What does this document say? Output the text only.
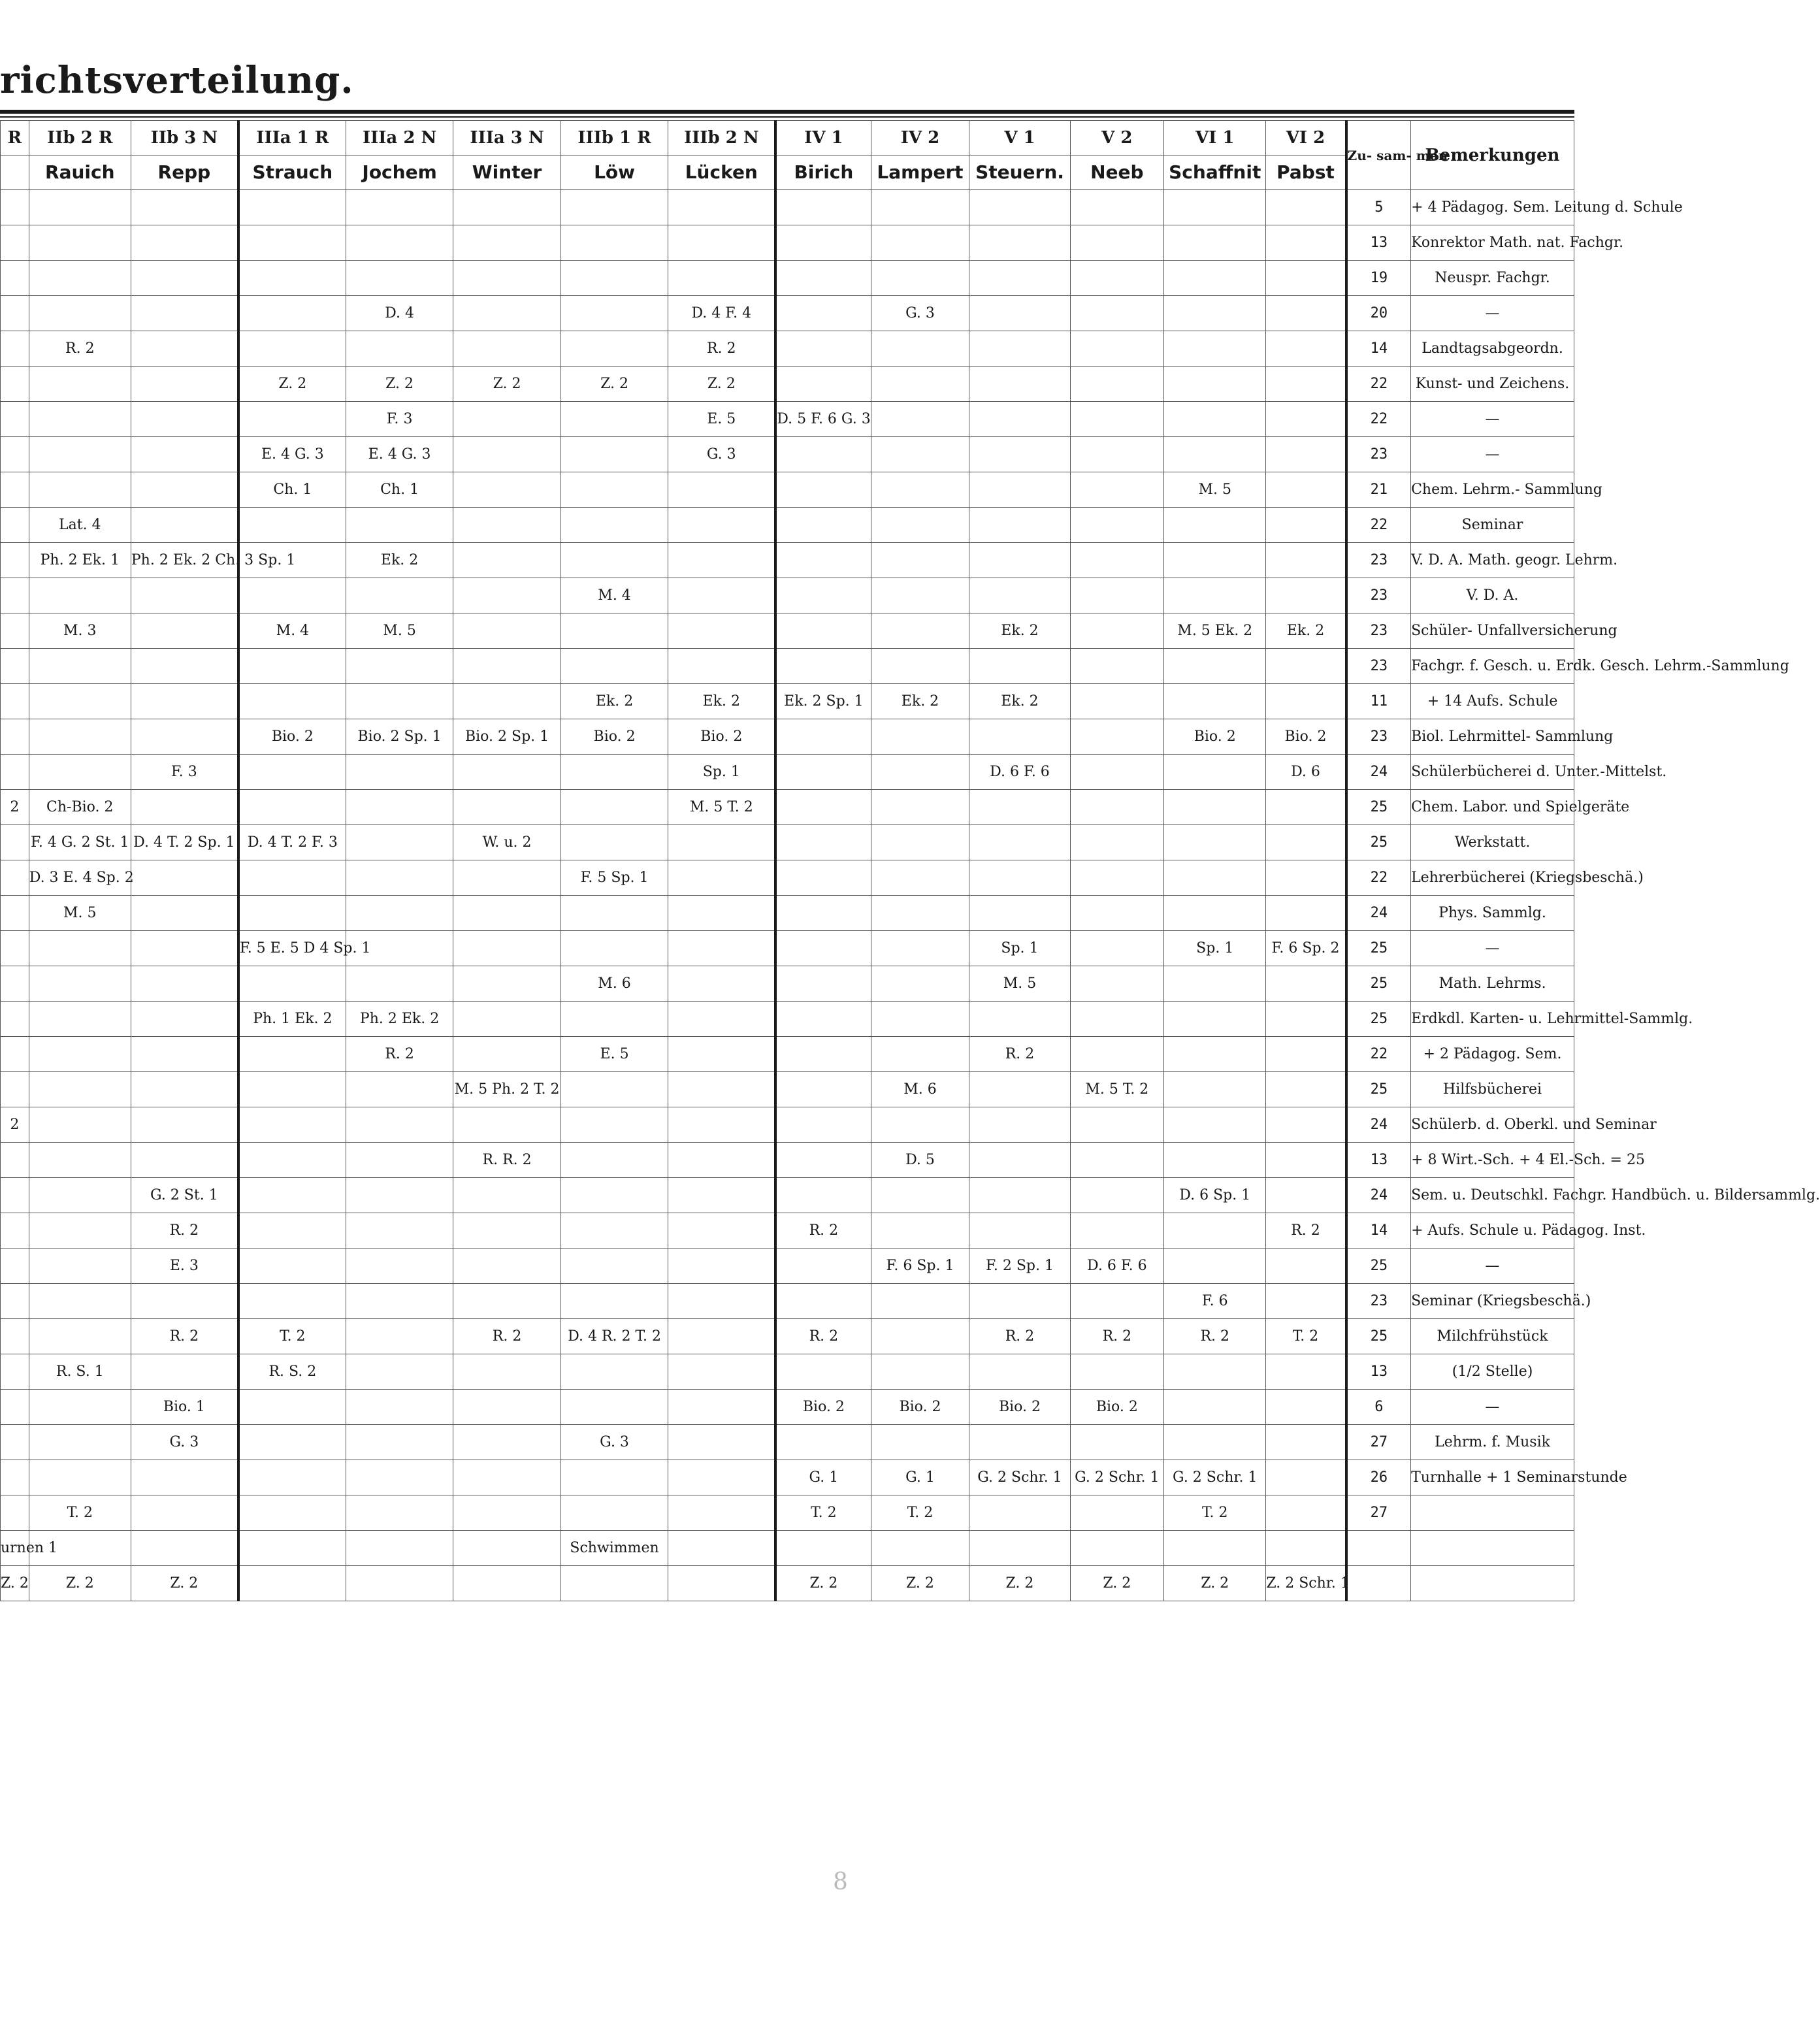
richtsverteilung.
R	IIb 2 R	IIb 3 N	IIIa 1 R	IIIa 2 N	IIIa 3 N	IIIb 1 R	IIIb 2 N	IV 1	IV 2	V 1	V 2	VI 1	VI 2	Zu- sam- men	Bemerkungen
	Rauich	Repp	Strauch	Jochem	Winter	Löw	Lücken	Birich	Lampert	Steuern.	Neeb	Schaffnit	Pabst		
														5	+ 4 Pädagog. Sem. Leitung d. Schule
														13	Konrektor Math. nat. Fachgr.
														19	Neuspr. Fachgr.
				D. 4			D. 4 F. 4		G. 3					20	—
	R. 2						R. 2							14	Landtagsabgeordn.
			Z. 2	Z. 2	Z. 2	Z. 2	Z. 2							22	Kunst- und Zeichens.
				F. 3			E. 5	D. 5 F. 6 G. 3						22	—
			E. 4 G. 3	E. 4 G. 3			G. 3							23	—
			Ch. 1	Ch. 1								M. 5		21	Chem. Lehrm.- Sammlung
	Lat. 4													22	Seminar
	Ph. 2 Ek. 1	Ph. 2 Ek. 2 Ch. 3 Sp. 1		Ek. 2										23	V. D. A. Math. geogr. Lehrm.
						M. 4								23	V. D. A.
	M. 3		M. 4	M. 5						Ek. 2		M. 5 Ek. 2	Ek. 2	23	Schüler- Unfallversicherung
														23	Fachgr. f. Gesch. u. Erdk. Gesch. Lehrm.-Sammlung
						Ek. 2	Ek. 2	Ek. 2 Sp. 1	Ek. 2	Ek. 2				11	+ 14 Aufs. Schule
			Bio. 2	Bio. 2 Sp. 1	Bio. 2 Sp. 1	Bio. 2	Bio. 2					Bio. 2	Bio. 2	23	Biol. Lehrmittel- Sammlung
		F. 3					Sp. 1			D. 6 F. 6			D. 6	24	Schülerbücherei d. Unter.-Mittelst.
2	Ch-Bio. 2						M. 5 T. 2							25	Chem. Labor. und Spielgeräte
	F. 4 G. 2 St. 1	D. 4 T. 2 Sp. 1	D. 4 T. 2 F. 3		W. u. 2									25	Werkstatt.
	D. 3 E. 4 Sp. 2					F. 5 Sp. 1								22	Lehrerbücherei (Kriegsbeschä.)
	M. 5													24	Phys. Sammlg.
			F. 5 E. 5 D 4 Sp. 1							Sp. 1		Sp. 1	F. 6 Sp. 2	25	—
						M. 6				M. 5				25	Math. Lehrms.
			Ph. 1 Ek. 2	Ph. 2 Ek. 2										25	Erdkdl. Karten- u. Lehrmittel-Sammlg.
				R. 2		E. 5				R. 2				22	+ 2 Pädagog. Sem.
					M. 5 Ph. 2 T. 2				M. 6		M. 5 T. 2			25	Hilfsbücherei
2														24	Schülerb. d. Oberkl. und Seminar
					R. R. 2				D. 5					13	+ 8 Wirt.-Sch. + 4 El.-Sch. = 25
		G. 2 St. 1										D. 6 Sp. 1		24	Sem. u. Deutschkl. Fachgr. Handbüch. u. Bildersammlg.
		R. 2						R. 2					R. 2	14	+ Aufs. Schule u. Pädagog. Inst.
		E. 3							F. 6 Sp. 1	F. 2 Sp. 1	D. 6 F. 6			25	—
												F. 6		23	Seminar (Kriegsbeschä.)
		R. 2	T. 2		R. 2	D. 4 R. 2 T. 2		R. 2		R. 2	R. 2	R. 2	T. 2	25	Milchfrühstück
	R. S. 1		R. S. 2											13	(1/2 Stelle)
		Bio. 1						Bio. 2	Bio. 2	Bio. 2	Bio. 2			6	—
		G. 3				G. 3								27	Lehrm. f. Musik
								G. 1	G. 1	G. 2 Schr. 1	G. 2 Schr. 1	G. 2 Schr. 1		26	Turnhalle + 1 Seminarstunde
	T. 2							T. 2	T. 2			T. 2		27	
urnen 1						Schwimmen									
Z. 2	Z. 2	Z. 2						Z. 2	Z. 2	Z. 2	Z. 2	Z. 2	Z. 2 Schr. 1		
8
